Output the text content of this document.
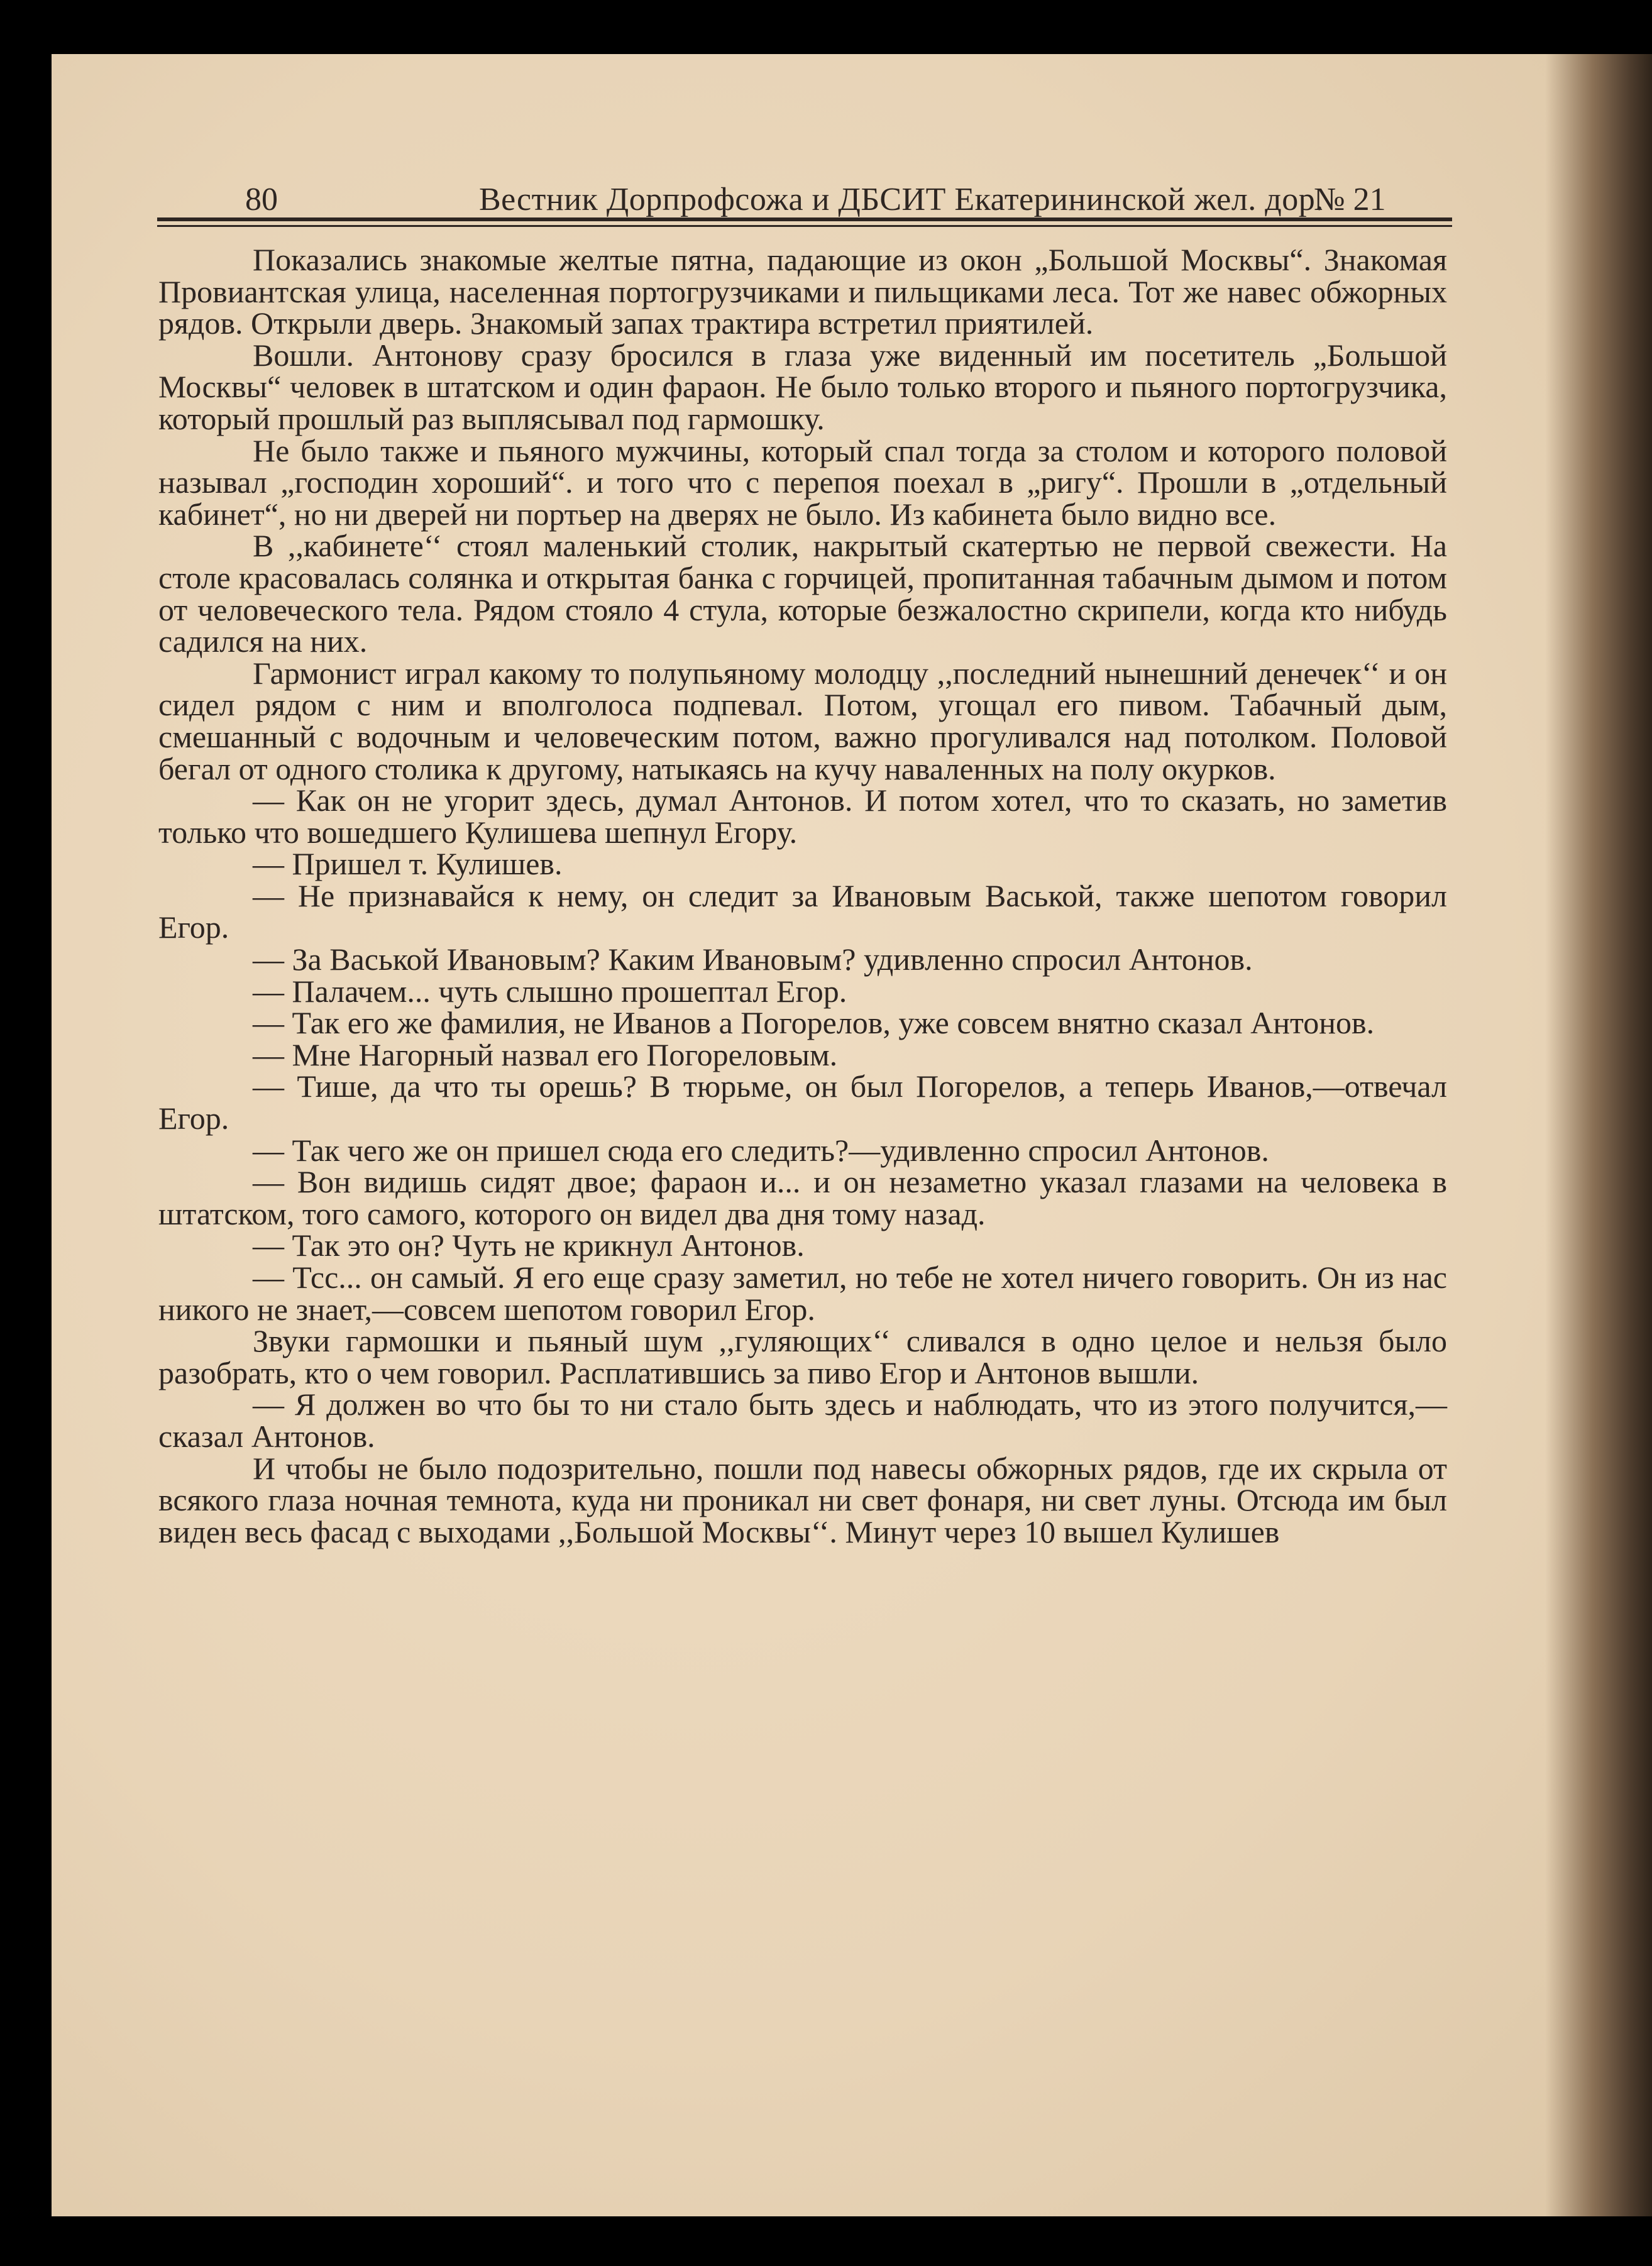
80	Вестник Дорпрофсожа и ДБСИТ Екатерининской жел. дор.
№ 21

Показались знакомые желтые пятна, падающие из окон „Большой Москвы“. Знакомая Провиантская улица, населенная портогрузчиками и пильщиками леса. Тот же навес обжорных рядов. Открыли дверь. Знакомый запах трактира встретил приятилей.

Вошли. Антонову сразу бросился в глаза уже виденный им посетитель „Большой Москвы“ человек в штатском и один фараон. Не было только второго и пьяного портогрузчика, который прошлый раз выплясывал под гармошку.

Не было также и пьяного мужчины, который спал тогда за столом и которого половой называл „господин хороший“. и того что с перепоя поехал в „ригу“. Прошли в „отдельный кабинет“, но ни дверей ни портьер на дверях не было. Из кабинета было видно все.

В ,,кабинете‘‘ стоял маленький столик, накрытый скатертью не первой свежести. На столе красовалась солянка и открытая банка с горчицей, пропитанная табачным дымом и потом от человеческого тела. Рядом стояло 4 стула, которые безжалостно скрипели, когда кто нибудь садился на них.

Гармонист играл какому то полупьяному молодцу ,,последний нынешний денечек‘‘ и он сидел рядом с ним и вполголоса подпевал. Потом, угощал его пивом. Табачный дым, смешанный с водочным и человеческим потом, важно прогуливался над потолком. Половой бегал от одного столика к другому, натыкаясь на кучу наваленных на полу окурков.

— Как он не угорит здесь, думал Антонов. И потом хотел, что то сказать, но заметив только что вошедшего Кулишева шепнул Егору.

— Пришел т. Кулишев.

— Не признавайся к нему, он следит за Ивановым Васькой, также шепотом говорил Егор.

— За Васькой Ивановым? Каким Ивановым? удивленно спросил Антонов.

— Палачем... чуть слышно прошептал Егор.

— Так его же фамилия, не Иванов а Погорелов, уже совсем внятно сказал Антонов.

— Мне Нагорный назвал его Погореловым.

— Тише, да что ты орешь? В тюрьме, он был Погорелов, а теперь Иванов,—отвечал Егор.

— Так чего же он пришел сюда его следить?—удивленно спросил Антонов.

— Вон видишь сидят двое; фараон и... и он незаметно указал глазами на человека в штатском, того самого, которого он видел два дня тому назад.

— Так это он? Чуть не крикнул Антонов.

— Тсс... он самый. Я его еще сразу заметил, но тебе не хотел ничего говорить. Он из нас никого не знает,—совсем шепотом говорил Егор.

Звуки гармошки и пьяный шум ,,гуляющих‘‘ сливался в одно целое и нельзя было разобрать, кто о чем говорил. Расплатившись за пиво Егор и Антонов вышли.

— Я должен во что бы то ни стало быть здесь и наблюдать, что из этого получится,—сказал Антонов.

И чтобы не было подозрительно, пошли под навесы обжорных рядов, где их скрыла от всякого глаза ночная темнота, куда ни проникал ни свет фонаря, ни свет луны. Отсюда им был виден весь фасад с выходами ,,Большой Москвы‘‘. Минут через 10 вышел Кулишев
